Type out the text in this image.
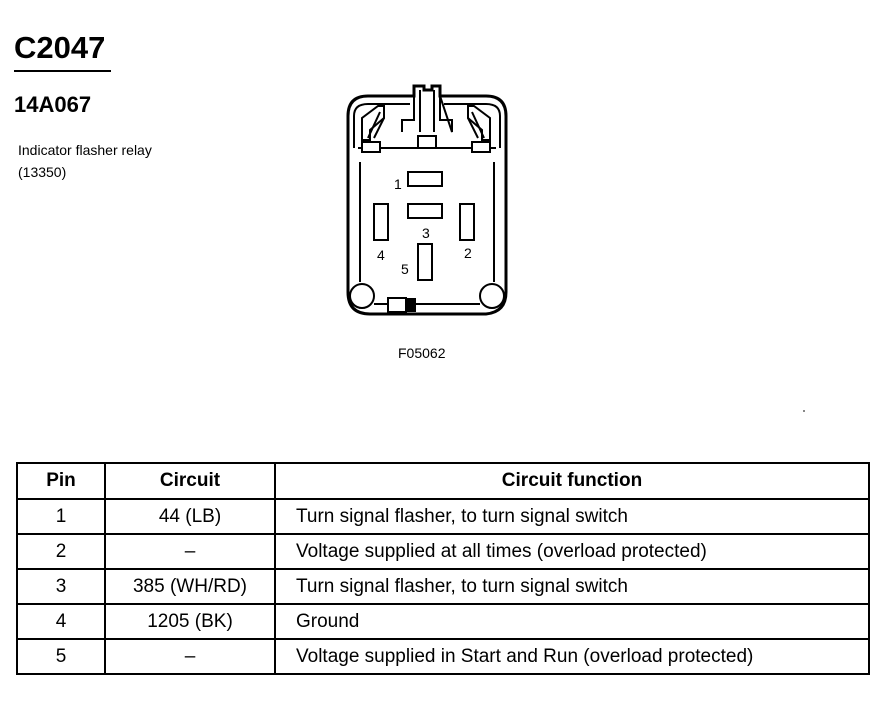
C2047
14A067
Indicator flasher relay (13350)
1
2
3
4
5
F05062
Pin	Circuit	Circuit function
1	44 (LB)	Turn signal flasher, to turn signal switch
2	–	Voltage supplied at all times (overload protected)
3	385 (WH/RD)	Turn signal flasher, to turn signal switch
4	1205 (BK)	Ground
5	–	Voltage supplied in Start and Run (overload protected)
